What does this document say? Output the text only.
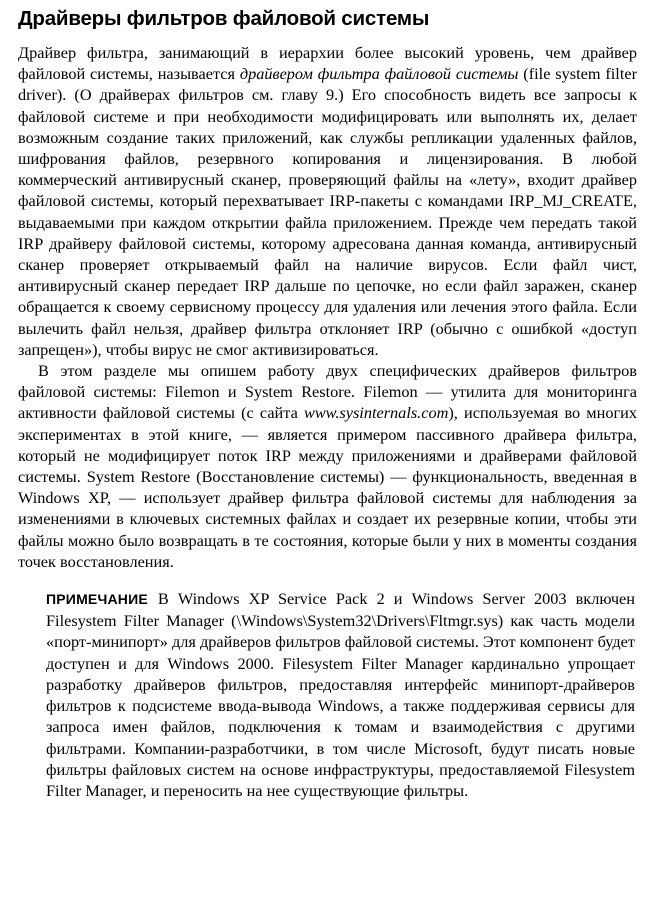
Драйверы фильтров файловой системы

Драйвер фильтра, занимающий в иерархии более высокий уровень, чем драйвер файловой системы, называется драйвером фильтра файловой системы (file system filter driver). (О драйверах фильтров см. главу 9.) Его способность видеть все запросы к файловой системе и при необходимости модифицировать или выполнять их, делает возможным создание таких приложений, как службы репликации удаленных файлов, шифрования файлов, резервного копирования и лицензирования. В любой коммерческий антивирусный сканер, проверяющий файлы на «лету», входит драйвер файловой системы, который перехватывает IRP-пакеты с командами IRP_MJ_CREATE, выдаваемыми при каждом открытии файла приложением. Прежде чем передать такой IRP драйверу файловой системы, которому адресована данная команда, антивирусный сканер проверяет открываемый файл на наличие вирусов. Если файл чист, антивирусный сканер передает IRP дальше по цепочке, но если файл заражен, сканер обращается к своему сервисному процессу для удаления или лечения этого файла. Если вылечить файл нельзя, драйвер фильтра отклоняет IRP (обычно с ошибкой «доступ запрещен»), чтобы вирус не смог активизироваться.

В этом разделе мы опишем работу двух специфических драйверов фильтров файловой системы: Filemon и System Restore. Filemon — утилита для мониторинга активности файловой системы (с сайта www.sysinternals.com), используемая во многих экспериментах в этой книге, — является примером пассивного драйвера фильтра, который не модифицирует поток IRP между приложениями и драйверами файловой системы. System Restore (Восстановление системы) — функциональность, введенная в Windows XP, — использует драйвер фильтра файловой системы для наблюдения за изменениями в ключевых системных файлах и создает их резервные копии, чтобы эти файлы можно было возвращать в те состояния, которые были у них в моменты создания точек восстановления.

ПРИМЕЧАНИЕ В Windows XP Service Pack 2 и Windows Server 2003 включен Filesystem Filter Manager (\Windows\System32\Drivers\Fltmgr.sys) как часть модели «порт-минипорт» для драйверов фильтров файловой системы. Этот компонент будет доступен и для Windows 2000. Filesystem Filter Manager кардинально упрощает разработку драйверов фильтров, предоставляя интерфейс минипорт-драйверов фильтров к подсистеме ввода-вывода Windows, а также поддерживая сервисы для запроса имен файлов, подключения к томам и взаимодействия с другими фильтрами. Компании-разработчики, в том числе Microsoft, будут писать новые фильтры файловых систем на основе инфраструктуры, предоставляемой Filesystem Filter Manager, и переносить на нее существующие фильтры.
